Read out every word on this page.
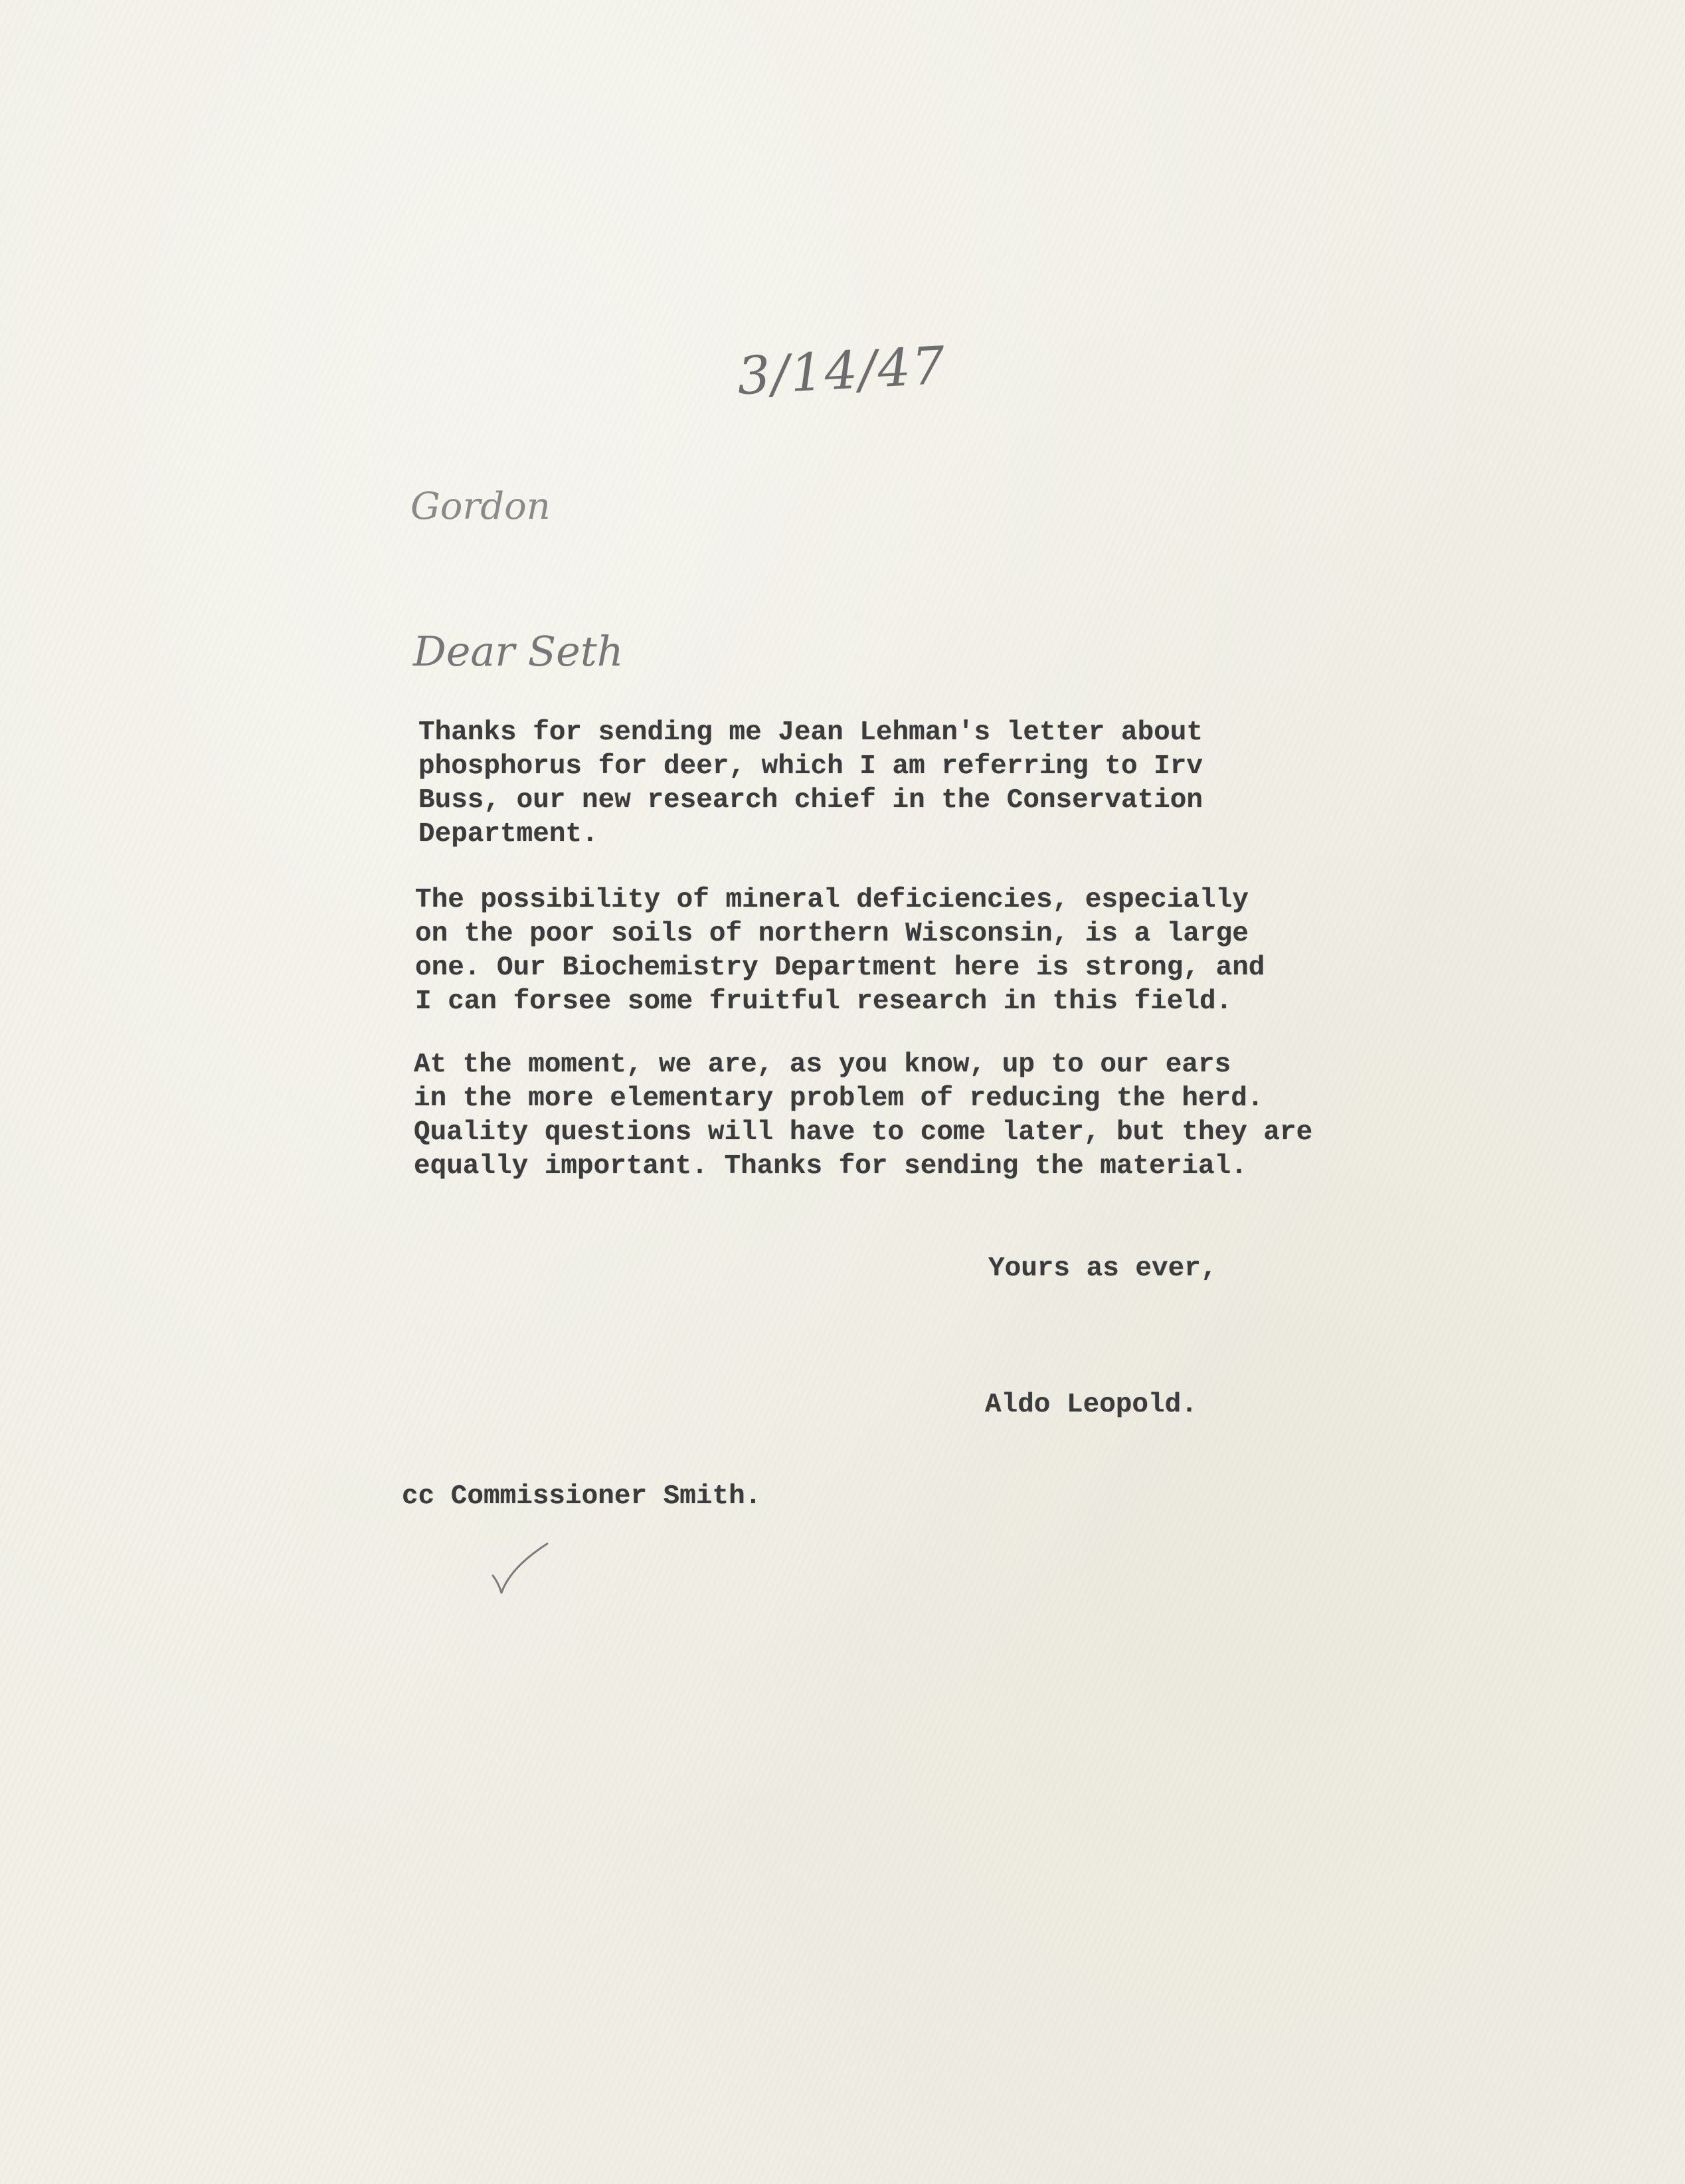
3/14/47
Gordon
Dear Seth
Thanks for sending me Jean Lehman's letter about
phosphorus for deer, which I am referring to Irv
Buss, our new research chief in the Conservation
Department.
The possibility of mineral deficiencies, especially
on the poor soils of northern Wisconsin, is a large
one. Our Biochemistry Department here is strong, and
I can forsee some fruitful research in this field.
At the moment, we are, as you know, up to our ears
in the more elementary problem of reducing the herd.
Quality questions will have to come later, but they are
equally important. Thanks for sending the material.
Yours as ever,
Aldo Leopold.
cc Commissioner Smith.
